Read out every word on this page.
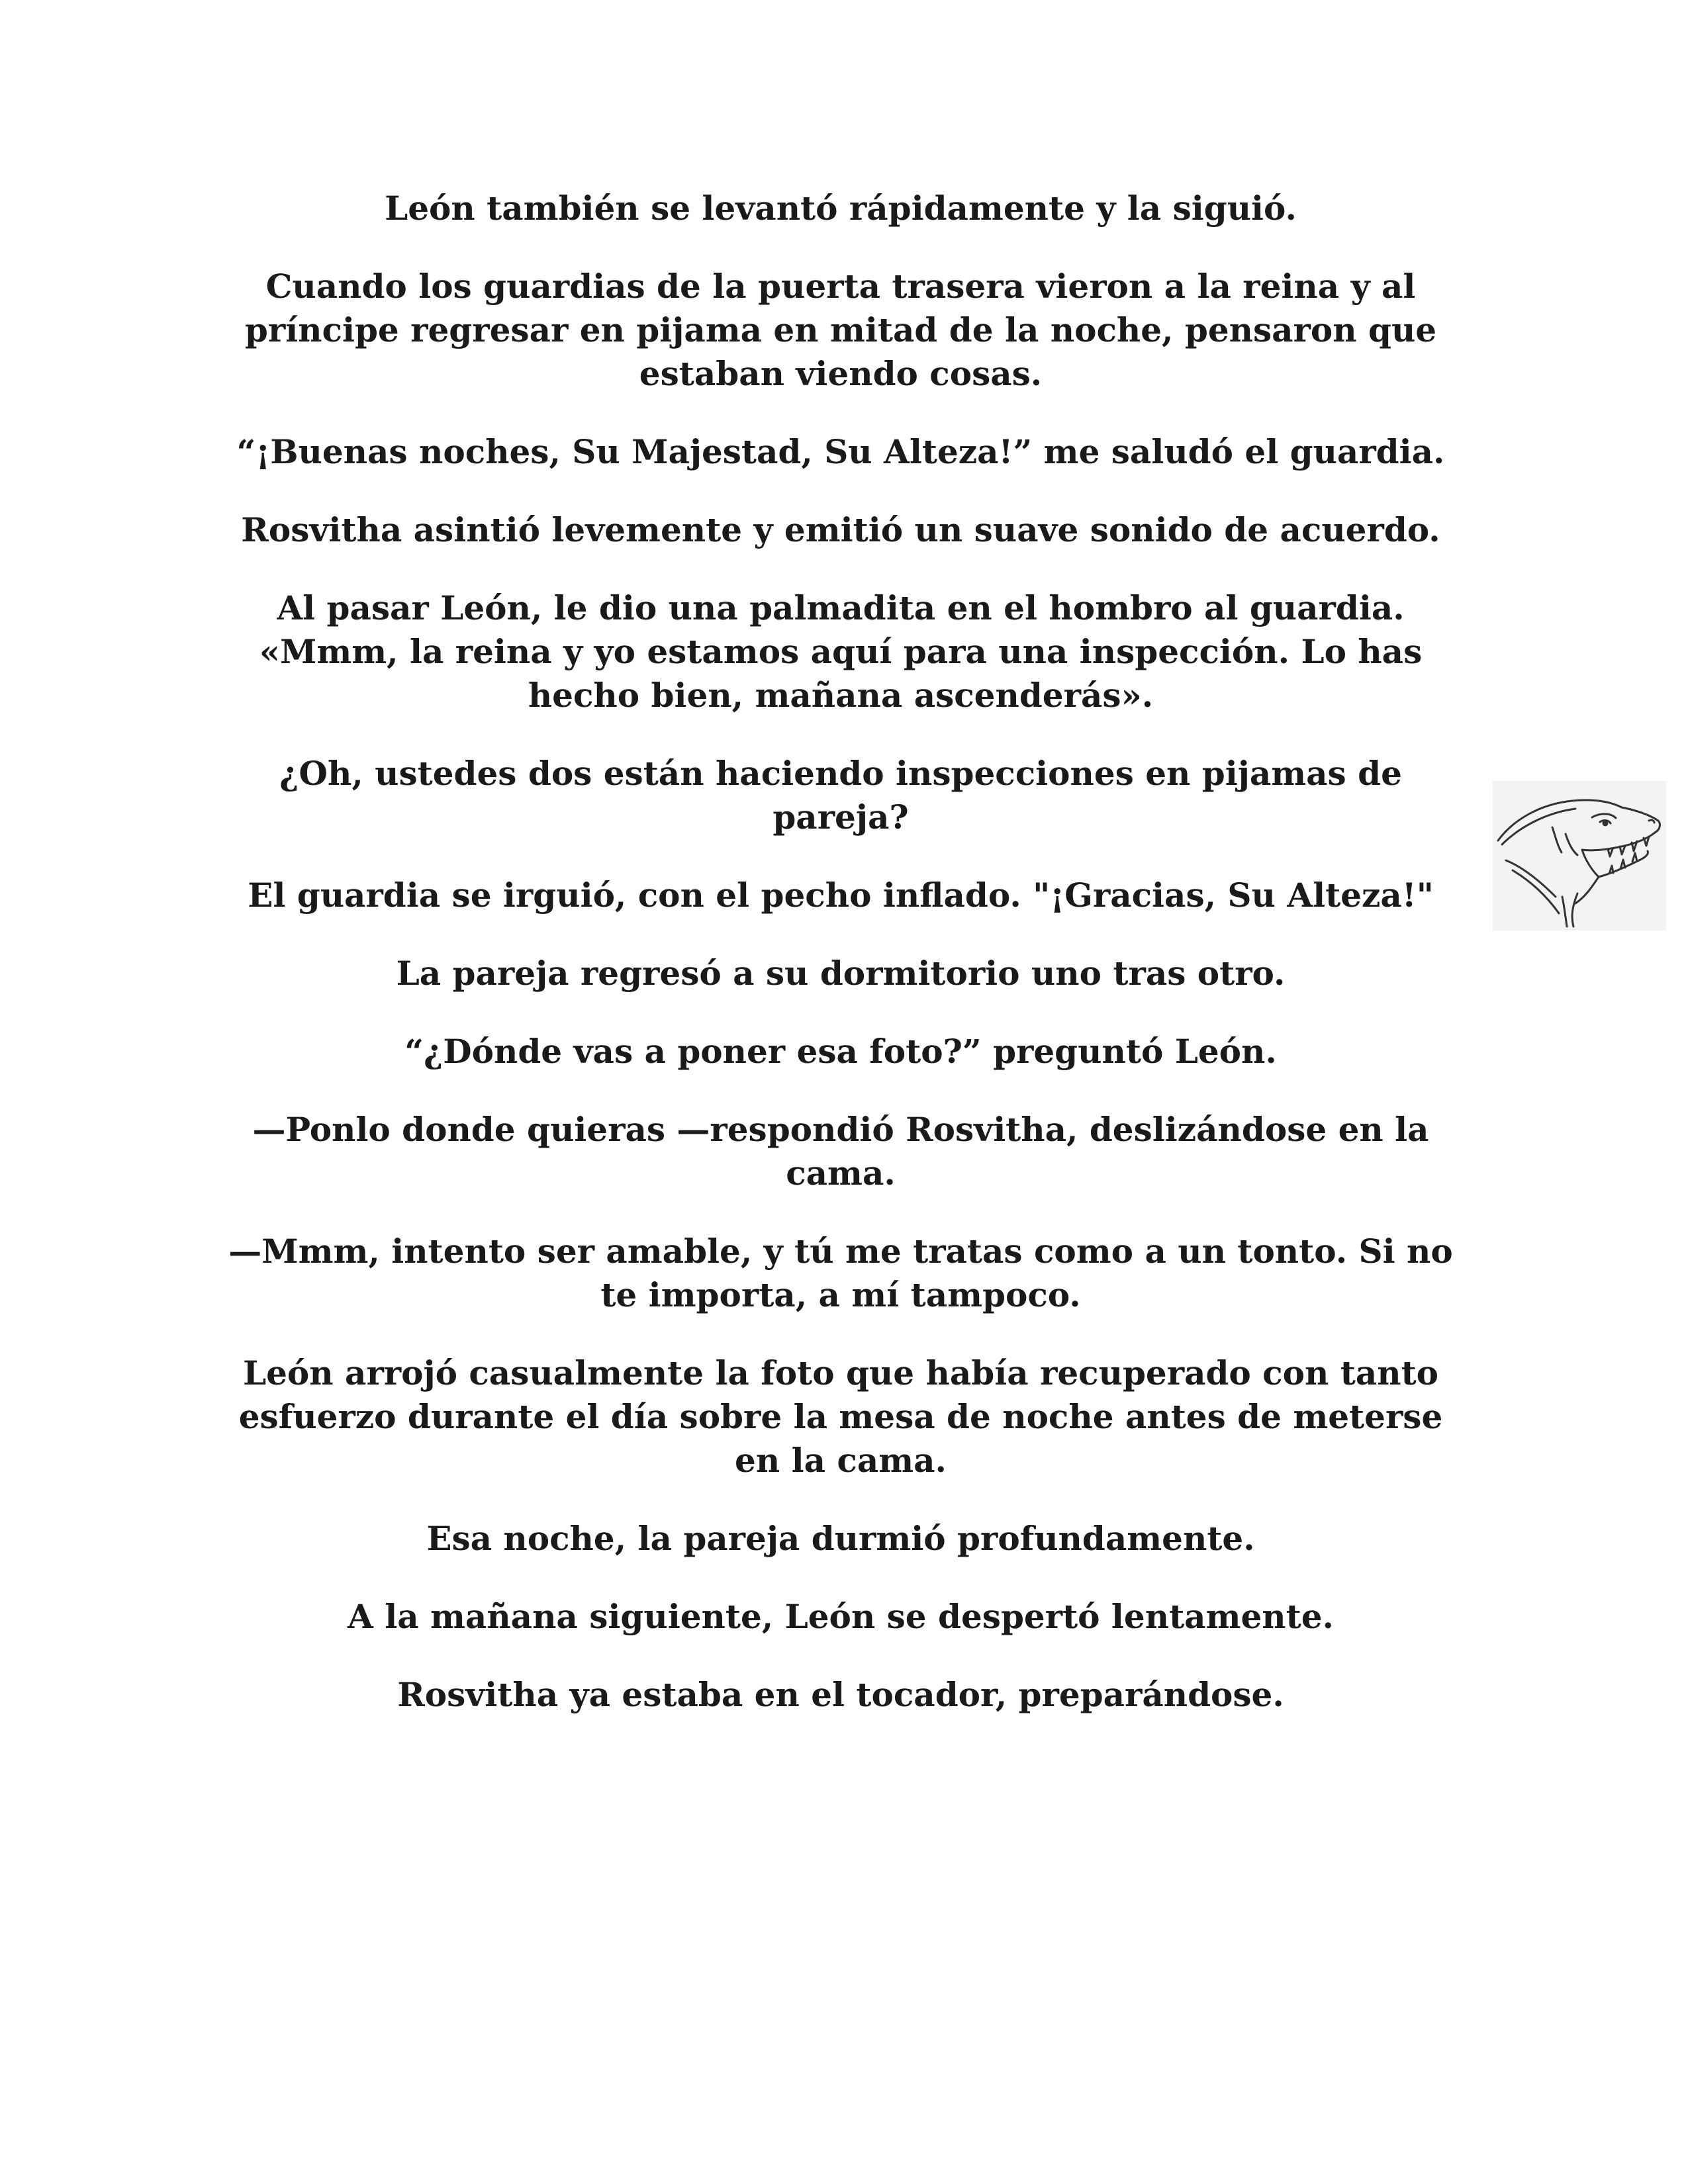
León también se levantó rápidamente y la siguió.

Cuando los guardias de la puerta trasera vieron a la reina y al príncipe regresar en pijama en mitad de la noche, pensaron que estaban viendo cosas.

“¡Buenas noches, Su Majestad, Su Alteza!” me saludó el guardia.

Rosvitha asintió levemente y emitió un suave sonido de acuerdo.

Al pasar León, le dio una palmadita en el hombro al guardia. «Mmm, la reina y yo estamos aquí para una inspección. Lo has hecho bien, mañana ascenderás».

¿Oh, ustedes dos están haciendo inspecciones en pijamas de pareja?

El guardia se irguió, con el pecho inflado. "¡Gracias, Su Alteza!"

La pareja regresó a su dormitorio uno tras otro.

“¿Dónde vas a poner esa foto?” preguntó León.

—Ponlo donde quieras —respondió Rosvitha, deslizándose en la cama.

—Mmm, intento ser amable, y tú me tratas como a un tonto. Si no te importa, a mí tampoco.

León arrojó casualmente la foto que había recuperado con tanto esfuerzo durante el día sobre la mesa de noche antes de meterse en la cama.

Esa noche, la pareja durmió profundamente.

A la mañana siguiente, León se despertó lentamente.

Rosvitha ya estaba en el tocador, preparándose.
